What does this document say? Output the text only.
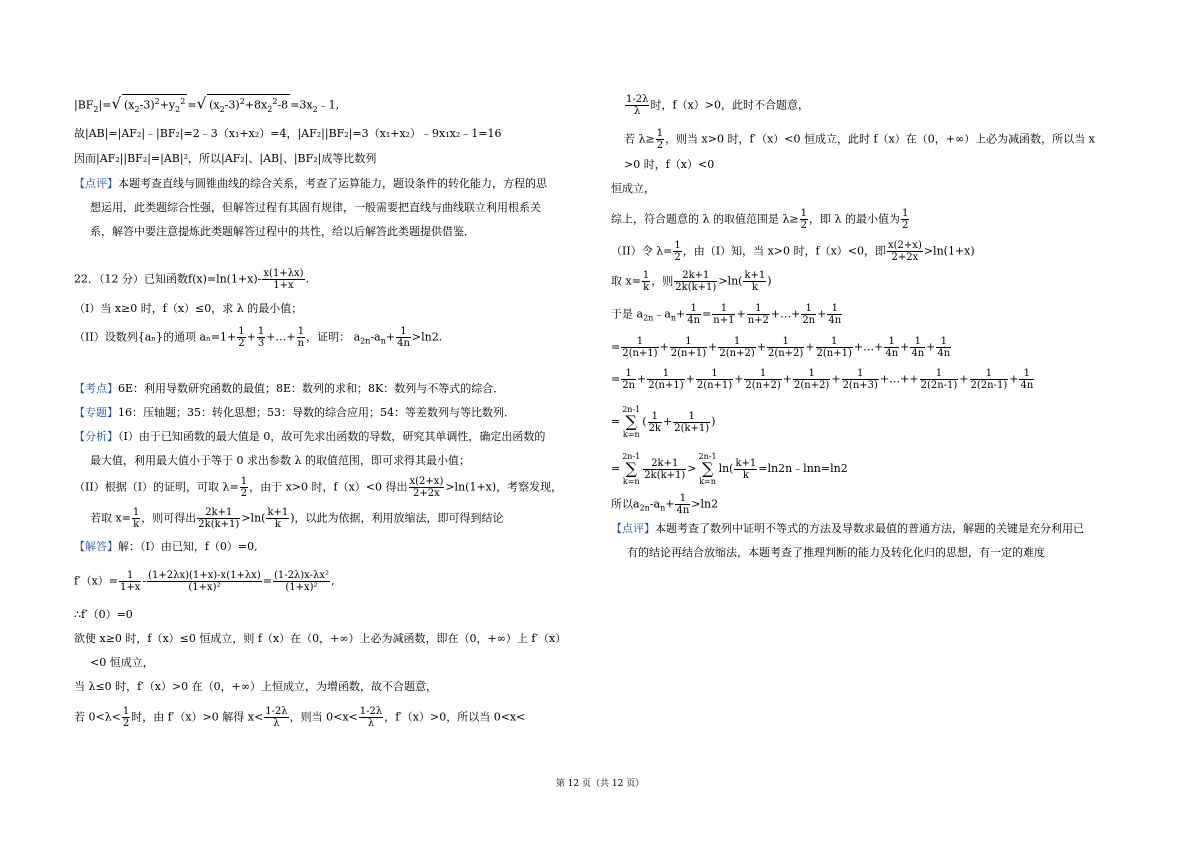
$|BF_2|=√$ $(x_2-3)^2+y_2^2$ =√ $(x_2-3)^2+8x_2^2-8$ $=3x_2﹣1$,
故|AB|=|AF₂|﹣|BF₂|=2﹣3（x₁+x₂）=4，|AF₂||BF₂|=3（x₁+x₂）﹣9x₁x₂﹣1=16
因而|AF₂||BF₂|=|AB|²，所以|AF₂|、|AB|、|BF₂|成等比数列
【点评】本题考查直线与圆锥曲线的综合关系，考查了运算能力，题设条件的转化能力，方程的思
想运用，此类题综合性强，但解答过程有其固有规律，一般需要把直线与曲线联立利用根系关
系，解答中要注意提炼此类题解答过程中的共性，给以后解答此类题提供借鉴．
22．（12 分）已知函数$f(x)=\ln(1+x)- \frac{x(1+\lambda x)}{1+x}$ .
（I）当 x≥0 时，f（x）≤0，求 λ 的最小值；
（II）设数列{aₙ}的通项 $a_n=1+ \frac{1}{2} + \frac{1}{3}$ +…+ $\frac{1}{n}$ ，证明： $a_{2n}-a_n+ \frac{1}{4n} >\ln 2$.
【考点】6E：利用导数研究函数的最值；8E：数列的求和；8K：数列与不等式的综合．
【专题】16：压轴题；35：转化思想；53：导数的综合应用；54：等差数列与等比数列．
【分析】（I）由于已知函数的最大值是 0，故可先求出函数的导数，研究其单调性，确定出函数的
最大值，利用最大值小于等于 0 求出参数 λ 的取值范围，即可求得其最小值；
（II）根据（I）的证明，可取 $\lambda= \frac{1}{2}$ ，由于 x>0 时，f（x）<0 得出 $\frac{x(2+x)}{2+2x} >\ln(1+x)$，考察发现，
若取 $x= \frac{1}{k}$ ，则可得出 $\frac{2k+1}{2k(k+1)} >\ln( \frac{k+1}{k}$ )，以此为依据，利用放缩法，即可得到结论
【解答】解：（I）由已知，f（0）=0,
$f'(x)= \frac{1}{1+x} - \frac{(1+2\lambda x)(1+x)-x(1+\lambda x)}{\text{(1+x)²}} = \frac{\text{(1-2λ)x-λx²}}{\text{(1+x)²}}$ ,
∴f′（0）=0
欲使 x≥0 时，f（x）≤0 恒成立，则 f（x）在（0，+∞）上必为减函数，即在（0，+∞）上 f′（x）
<0 恒成立，
当 λ≤0 时，f′（x）>0 在（0，+∞）上恒成立，为增函数，故不合题意，
若 $0<\lambda< \frac{1}{2}$ 时，由 f′（x）>0 解得 $x< \frac{1-2\lambda}{\lambda}$ ，则当 $0<x< \frac{1-2\lambda}{\lambda}$ ，f′（x）>0，所以当 0<x<
$\frac{1-2\lambda}{\lambda}$ 时，f（x）>0，此时不合题意，
若 $\lambda\ge \frac{1}{2}$ ，则当 x>0 时，f′（x）<0 恒成立，此时 f（x）在（0，+∞）上必为减函数，所以当 x
>0 时，f（x）<0
恒成立，
综上，符合题意的 λ 的取值范围是 $\lambda\ge \frac{1}{2}$ ，即 λ 的最小值为 $\frac{1}{2}$
（II）令 $\lambda= \frac{1}{2}$ ，由（I）知，当 x>0 时，f（x）<0，即 $\frac{x(2+x)}{2+2x} >\ln(1+x)$
取 $x= \frac{1}{k}$ ，则 $\frac{2k+1}{2k(k+1)} >\ln( \frac{k+1}{k}$ )
于是 $a_{2n}﹣a_n+ \frac{1}{4n} = \frac{1}{n+1} + \frac{1}{n+2}$ +…+ $\frac{1}{2n} + \frac{1}{4n}$
= $\frac{1}{2(n+1)} + \frac{1}{2(n+1)} + \frac{1}{2(n+2)} + \frac{1}{2(n+2)} + \frac{1}{2(n+1)}$ +…+ $\frac{1}{4n} + \frac{1}{4n} + \frac{1}{4n}$
= $\frac{1}{2n} + \frac{1}{2(n+1)} + \frac{1}{2(n+1)} + \frac{1}{2(n+2)} + \frac{1}{2(n+2)} + \frac{1}{2(n+3)}$ +…++ $\frac{1}{2(2n-1)} + \frac{1}{2(2n-1)} + \frac{1}{4n}$
=2n-1
∑
$k=n( \frac{1}{2k} + \frac{1}{2(k+1)}$ )
=2n-1
∑
k=n
$\frac{2k+1}{2k(k+1)} >2n-1$
∑
$k=nln( \frac{k+1}{k}$ =ln2n﹣lnn=ln2
所以$a_{2n}-a_n+ \frac{1}{4n} >\ln 2$
【点评】本题考查了数列中证明不等式的方法及导数求最值的普通方法，解题的关键是充分利用已
有的结论再结合放缩法，本题考查了推理判断的能力及转化化归的思想，有一定的难度
第 12 页（共 12 页）
